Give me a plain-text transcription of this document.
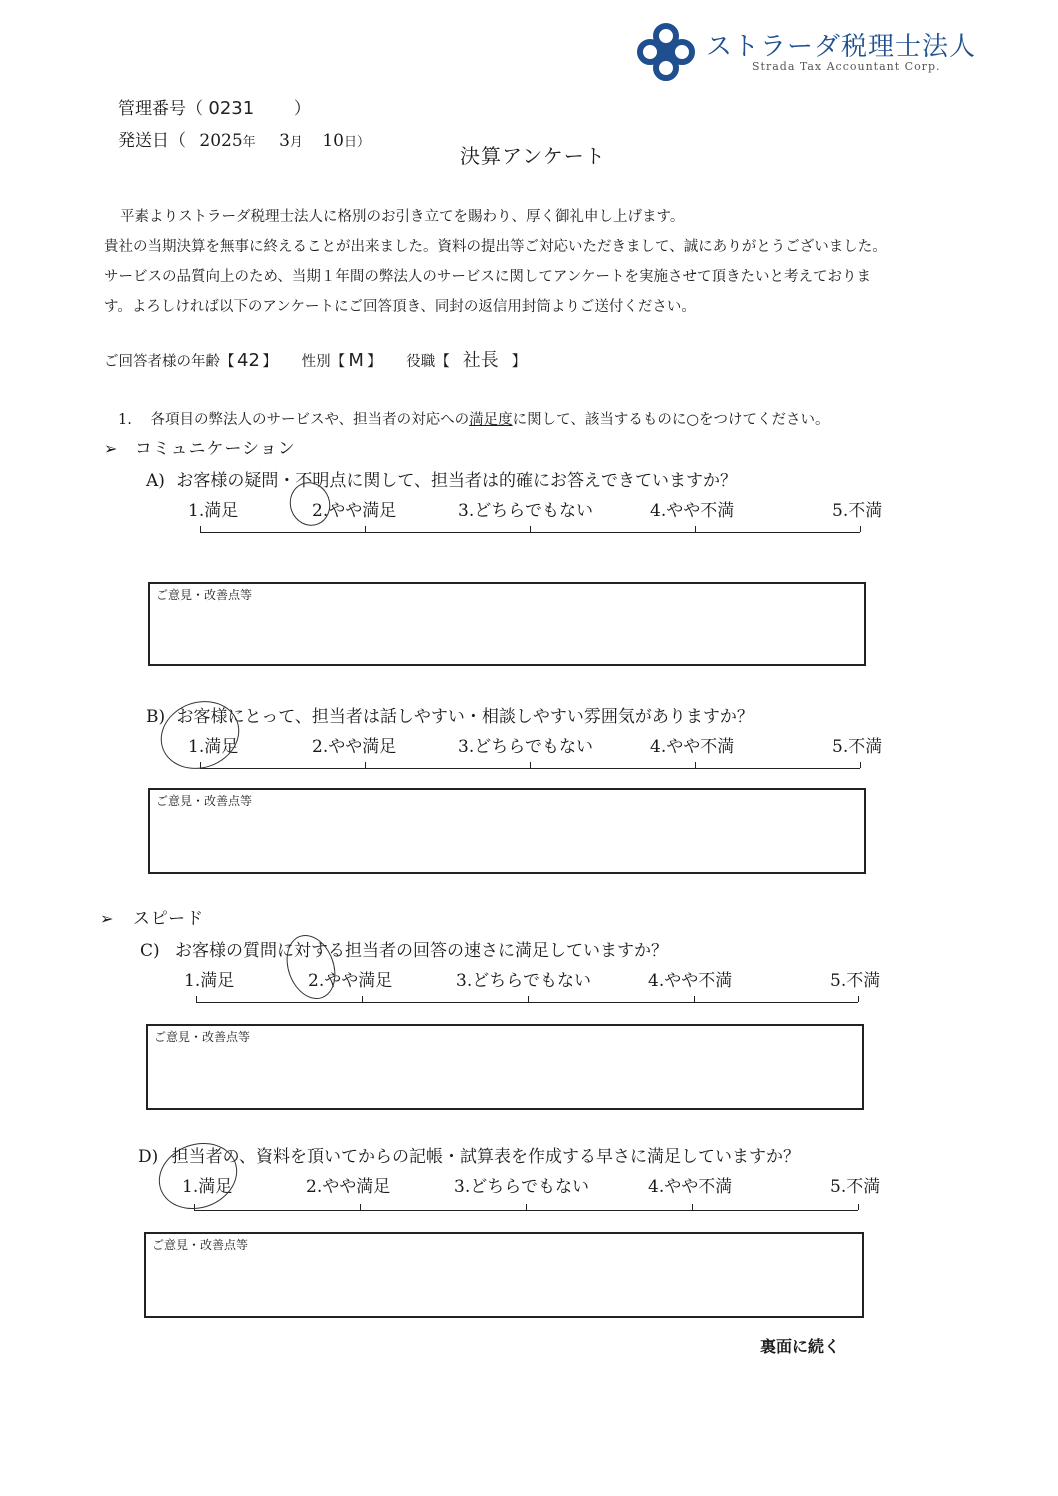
ストラーダ税理士法人
Strada Tax Accountant Corp.
管理番号（ 0231 ）
発送日（ 2025年 3月 10日）
決算アンケート
平素よりストラーダ税理士法人に格別のお引き立てを賜わり、厚く御礼申し上げます。
貴社の当期決算を無事に終えることが出来ました。資料の提出等ご対応いただきまして、誠にありがとうございました。
サービスの品質向上のため、当期１年間の弊法人のサービスに関してアンケートを実施させて頂きたいと考えておりま
す。よろしければ以下のアンケートにご回答頂き、同封の返信用封筒よりご送付ください。
ご回答者様の年齢【 42 】 性別【 M 】 役職【 社長 】
1. 各項目の弊法人のサービスや、担当者の対応への満足度に関して、該当するものに○をつけてください。
➢ コミュニケーション
A) お客様の疑問・不明点に関して、担当者は的確にお答えできていますか？
1.満足	2.やや満足	3.どちらでもない	4.やや不満	5.不満
ご意見・改善点等
B) お客様にとって、担当者は話しやすい・相談しやすい雰囲気がありますか？
1.満足	2.やや満足	3.どちらでもない	4.やや不満	5.不満
ご意見・改善点等
➢ スピード
C) お客様の質問に対する担当者の回答の速さに満足していますか？
1.満足	2.やや満足	3.どちらでもない	4.やや不満	5.不満
ご意見・改善点等
D) 担当者の、資料を頂いてからの記帳・試算表を作成する早さに満足していますか？
1.満足	2.やや満足	3.どちらでもない	4.やや不満	5.不満
ご意見・改善点等
裏面に続く
